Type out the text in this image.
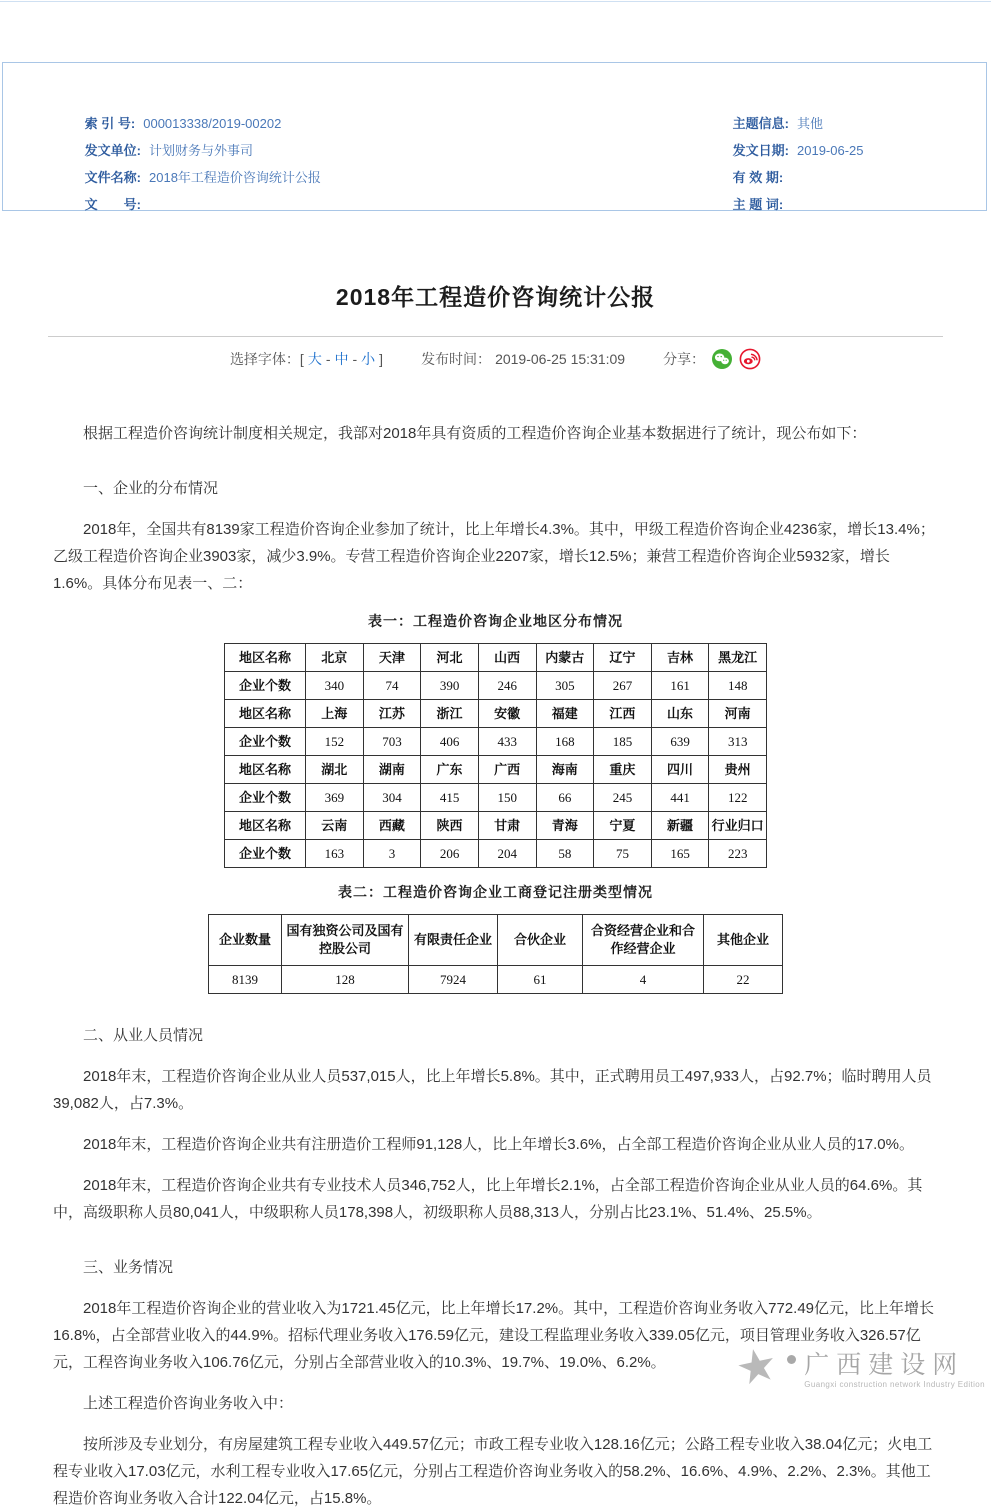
索 引 号: 000013338/2019-00202

发文单位: 计划财务与外事司

文件名称: 2018年工程造价咨询统计公报

文　　号:

主题信息: 其他

发文日期: 2019-06-25

有 效 期:

主 题 词:

2018年工程造价咨询统计公报
选择字体：[ 大 - 中 - 小 ]	发布时间： 2019-06-25 15:31:09	分享：

根据工程造价咨询统计制度相关规定，我部对2018年具有资质的工程造价咨询企业基本数据进行了统计，现公布如下：

一、企业的分布情况

2018年，全国共有8139家工程造价咨询企业参加了统计，比上年增长4.3%。其中，甲级工程造价咨询企业4236家，增长13.4%；乙级工程造价咨询企业3903家，减少3.9%。专营工程造价咨询企业2207家，增长12.5%；兼营工程造价咨询企业5932家，增长1.6%。具体分布见表一、二：

表一：工程造价咨询企业地区分布情况

地区名称	北京	天津	河北	山西	内蒙古	辽宁	吉林	黑龙江
企业个数	340	74	390	246	305	267	161	148
地区名称	上海	江苏	浙江	安徽	福建	江西	山东	河南
企业个数	152	703	406	433	168	185	639	313
地区名称	湖北	湖南	广东	广西	海南	重庆	四川	贵州
企业个数	369	304	415	150	66	245	441	122
地区名称	云南	西藏	陕西	甘肃	青海	宁夏	新疆	行业归口
企业个数	163	3	206	204	58	75	165	223

表二：工程造价咨询企业工商登记注册类型情况

企业数量	国有独资公司及国有控股公司	有限责任企业	合伙企业	合资经营企业和合作经营企业	其他企业
8139	128	7924	61	4	22

二、从业人员情况

2018年末，工程造价咨询企业从业人员537,015人，比上年增长5.8%。其中，正式聘用员工497,933人，占92.7%；临时聘用人员39,082人，占7.3%。

2018年末，工程造价咨询企业共有注册造价工程师91,128人，比上年增长3.6%，占全部工程造价咨询企业从业人员的17.0%。

2018年末，工程造价咨询企业共有专业技术人员346,752人，比上年增长2.1%，占全部工程造价咨询企业从业人员的64.6%。其中，高级职称人员80,041人，中级职称人员178,398人，初级职称人员88,313人，分别占比23.1%、51.4%、25.5%。

三、业务情况

2018年工程造价咨询企业的营业收入为1721.45亿元，比上年增长17.2%。其中，工程造价咨询业务收入772.49亿元，比上年增长16.8%，占全部营业收入的44.9%。招标代理业务收入176.59亿元，建设工程监理业务收入339.05亿元，项目管理业务收入326.57亿元，工程咨询业务收入106.76亿元，分别占全部营业收入的10.3%、19.7%、19.0%、6.2%。

上述工程造价咨询业务收入中：

按所涉及专业划分，有房屋建筑工程专业收入449.57亿元；市政工程专业收入128.16亿元；公路工程专业收入38.04亿元；火电工程专业收入17.03亿元，水利工程专业收入17.65亿元，分别占工程造价咨询业务收入的58.2%、16.6%、4.9%、2.2%、2.3%。其他工程造价咨询业务收入合计122.04亿元，占15.8%。

★ 广西建设网
Guangxi construction network Industry Edition
